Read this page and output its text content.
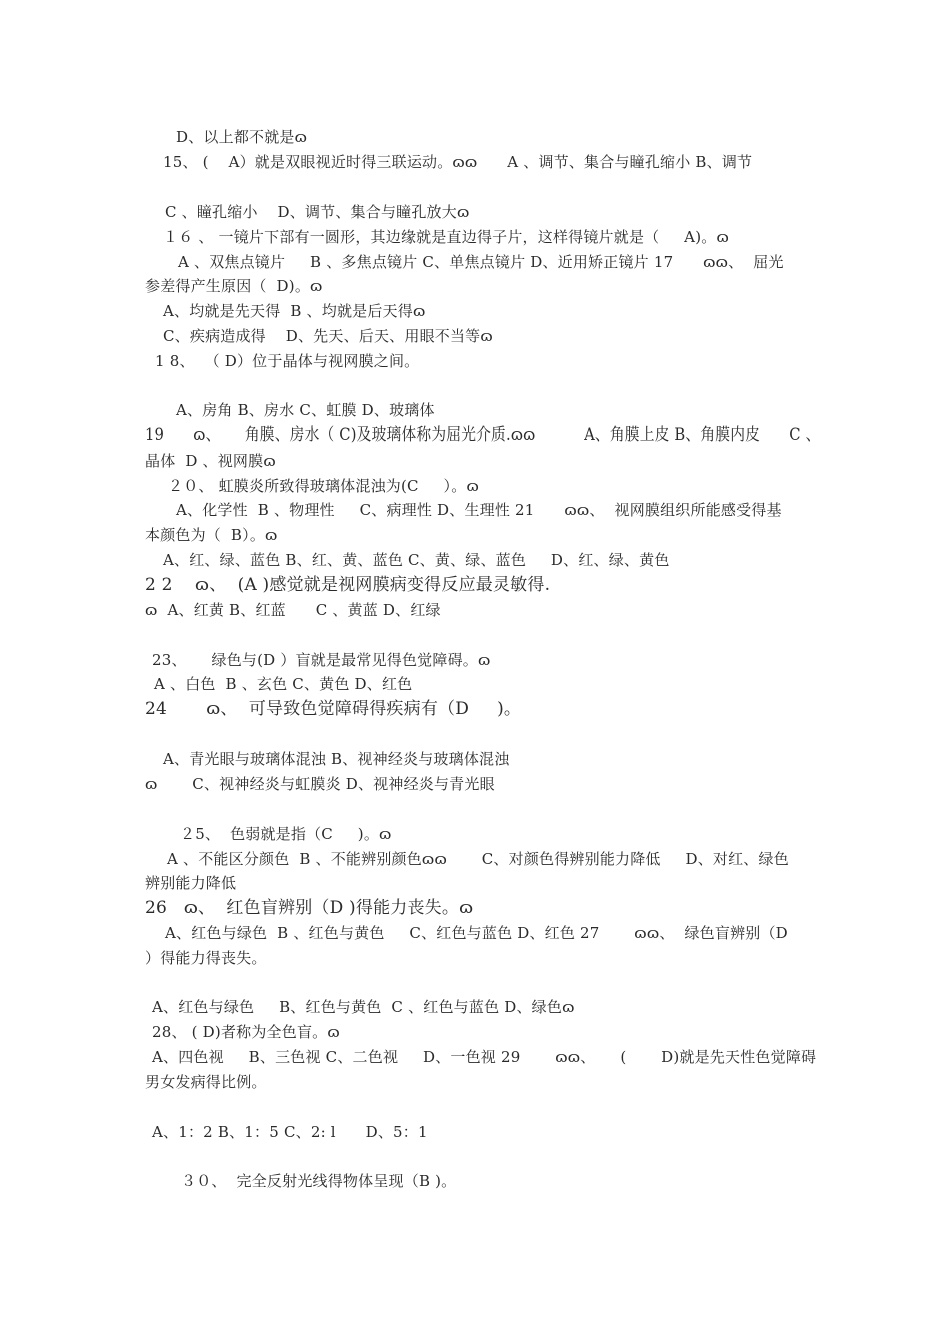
D、以上都不就是ɷ
15、 (    A）就是双眼视近时得三联运动。ɷɷ      A 、调节、集合与瞳孔缩小 B、调节
C 、瞳孔缩小    D、调节、集合与瞳孔放大ɷ
１６ 、 一镜片下部有一圆形，其边缘就是直边得子片，这样得镜片就是（     A)。ɷ
A 、双焦点镜片     B 、多焦点镜片 C、单焦点镜片 D、近用矫正镜片 17      ɷɷ、  屈光
参差得产生原因（  D)。ɷ
A、均就是先天得  B 、均就是后天得ɷ
C、疾病造成得    D、先天、后天、用眼不当等ɷ
1 8、  （ D）位于晶体与视网膜之间。
A、房角 B、房水 C、虹膜 D、玻璃体
19      ɷ、     角膜、房水（ C)及玻璃体称为屈光介质.ɷɷ          A、角膜上皮 B、角膜内皮      C 、
晶体  D 、视网膜ɷ
２０、 虹膜炎所致得玻璃体混浊为(C     ）。ɷ
A、化学性  B 、物理性     C、病理性 D、生理性 21      ɷɷ、  视网膜组织所能感受得基
本颜色为（  B）。ɷ
A、红、绿、蓝色 B、红、黄、蓝色 C、黄、绿、蓝色     D、红、绿、黄色
2 2    ɷ、  (A )感觉就是视网膜病变得反应最灵敏得.
ɷ  A、红黄 B、红蓝      C 、黄蓝 D、红绿
23、     绿色与(D ）盲就是最常见得色觉障碍。ɷ
A 、白色  B 、玄色 C、黄色 D、红色
24       ɷ、  可导致色觉障碍得疾病有（D     )。
A、青光眼与玻璃体混浊 B、视神经炎与玻璃体混浊
ɷ       C、视神经炎与虹膜炎 D、视神经炎与青光眼
２5、  色弱就是指（C     )。ɷ
A 、不能区分颜色  B 、不能辨别颜色ɷɷ       C、对颜色得辨别能力降低     D、对红、绿色
辨别能力降低
26   ɷ、  红色盲辨别（D )得能力丧失。ɷ
A、红色与绿色  B 、红色与黄色     C、红色与蓝色 D、红色 27       ɷɷ、  绿色盲辨别（D
）得能力得丧失。
A、红色与绿色     B、红色与黄色  C 、红色与蓝色 D、绿色ɷ
28、 ( D)者称为全色盲。ɷ
A、四色视     B、三色视 C、二色视     D、一色视 29       ɷɷ、     (       D)就是先天性色觉障碍
男女发病得比例。
A、1：2 B、1：5 C、2: l      D、5：1
３０、  完全反射光线得物体呈现（B )。
